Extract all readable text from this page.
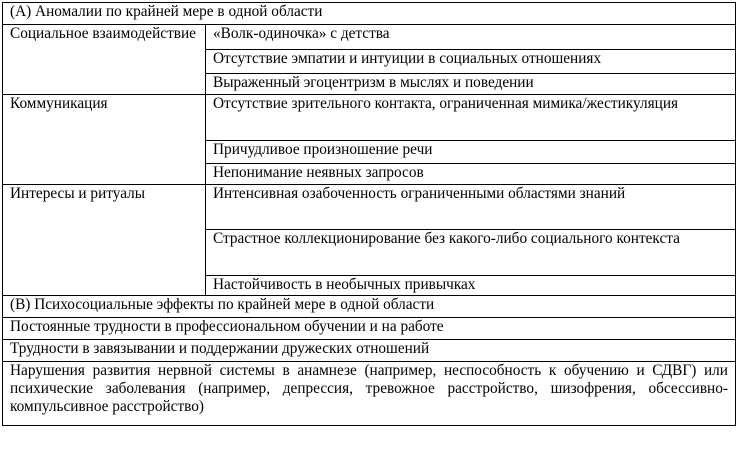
(А) Аномалии по крайней мере в одной области	
Социальное взаимодействие	«Волк-одиночка» с детства
	Отсутствие эмпатии и интуиции в социальных отношениях
	Выраженный эгоцентризм в мыслях и поведении
Коммуникация	Отсутствие зрительного контакта, ограниченная мимика/жестикуляция
	Причудливое произношение речи
	Непонимание неявных запросов
Интересы и ритуалы	Интенсивная озабоченность ограниченными областями знаний
	Страстное коллекционирование без какого-либо социального контекста
	Настойчивость в необычных привычках
(В) Психосоциальные эффекты по крайней мере в одной области	
Постоянные трудности в профессиональном обучении и на работе	
Трудности в завязывании и поддержании дружеских отношений	
Нарушения развития нервной системы в анамнезе (например, неспособность к обучению и СДВГ) или психические заболевания (например, депрессия, тревожное расстройство, шизофрения, обсессивно-компульсивное расстройство)	
